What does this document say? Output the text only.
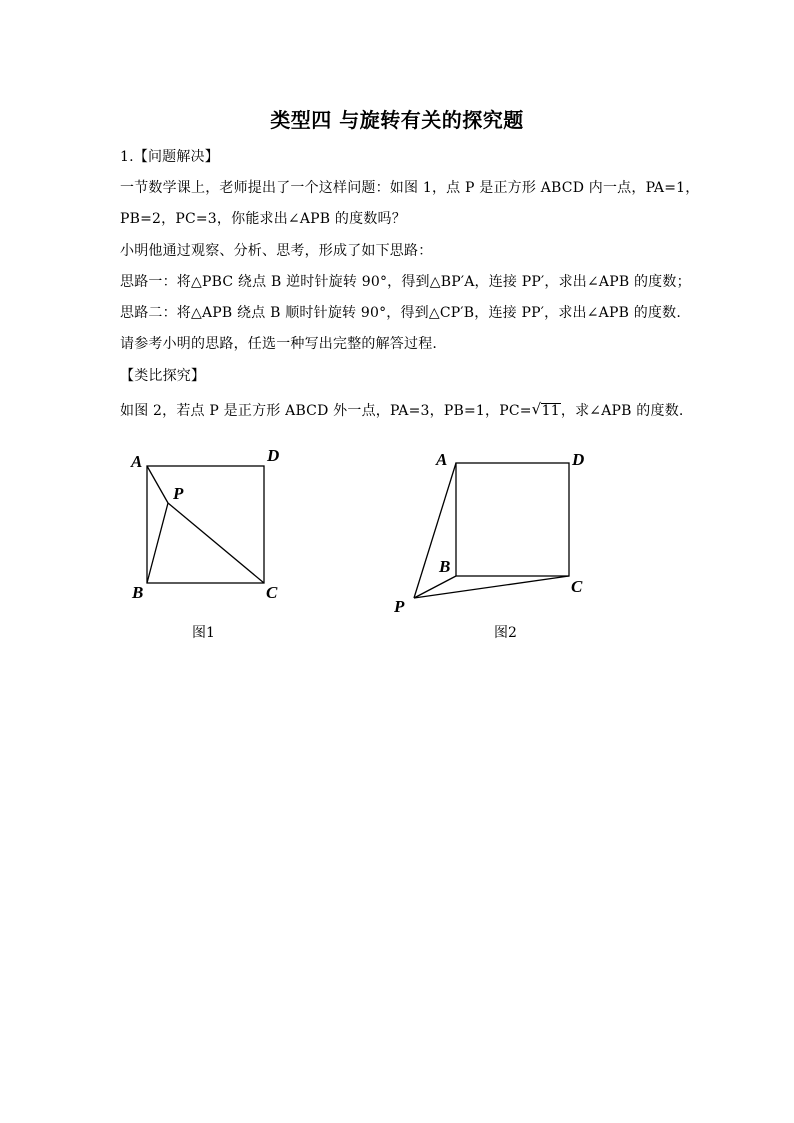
类型四 与旋转有关的探究题
1.【问题解决】
一节数学课上，老师提出了一个这样问题：如图 1，点 P 是正方形 ABCD 内一点，PA=1，
PB=2，PC=3，你能求出∠APB 的度数吗？
小明他通过观察、分析、思考，形成了如下思路：
思路一：将△PBC 绕点 B 逆时针旋转 90°，得到△BP′A，连接 PP′，求出∠APB 的度数；
思路二：将△APB 绕点 B 顺时针旋转 90°，得到△CP′B，连接 PP′，求出∠APB 的度数.
请参考小明的思路，任选一种写出完整的解答过程.
【类比探究】
如图 2，若点 P 是正方形 ABCD 外一点，PA=3，PB=1，PC= √ 11，求∠APB 的度数.
A	D
P
B	C
图1
A	D
B
C
P
图2
